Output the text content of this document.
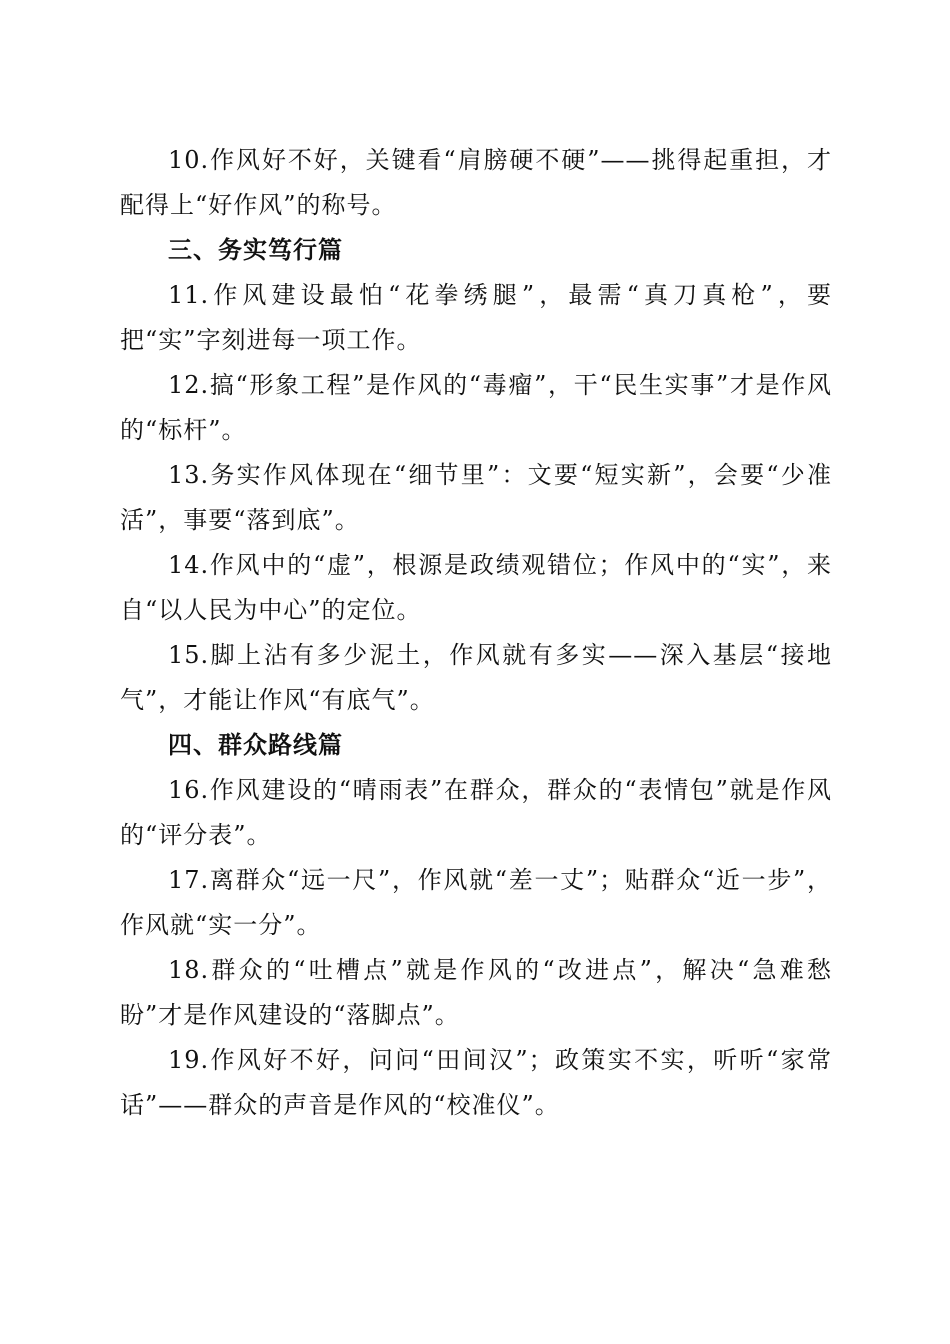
10.作风好不好，关键看“肩膀硬不硬”——挑得起重担，才配得上“好作风”的称号。

三、务实笃行篇

11.作风建设最怕“花拳绣腿”，最需“真刀真枪”，要把“实”字刻进每一项工作。

12.搞“形象工程”是作风的“毒瘤”，干“民生实事”才是作风的“标杆”。

13.务实作风体现在“细节里”：文要“短实新”，会要“少准活”，事要“落到底”。

14.作风中的“虚”，根源是政绩观错位；作风中的“实”，来自“以人民为中心”的定位。

15.脚上沾有多少泥土，作风就有多实——深入基层“接地气”，才能让作风“有底气”。

四、群众路线篇

16.作风建设的“晴雨表”在群众，群众的“表情包”就是作风的“评分表”。

17.离群众“远一尺”，作风就“差一丈”；贴群众“近一步”，作风就“实一分”。

18.群众的“吐槽点”就是作风的“改进点”，解决“急难愁盼”才是作风建设的“落脚点”。

19.作风好不好，问问“田间汉”；政策实不实，听听“家常话”——群众的声音是作风的“校准仪”。
